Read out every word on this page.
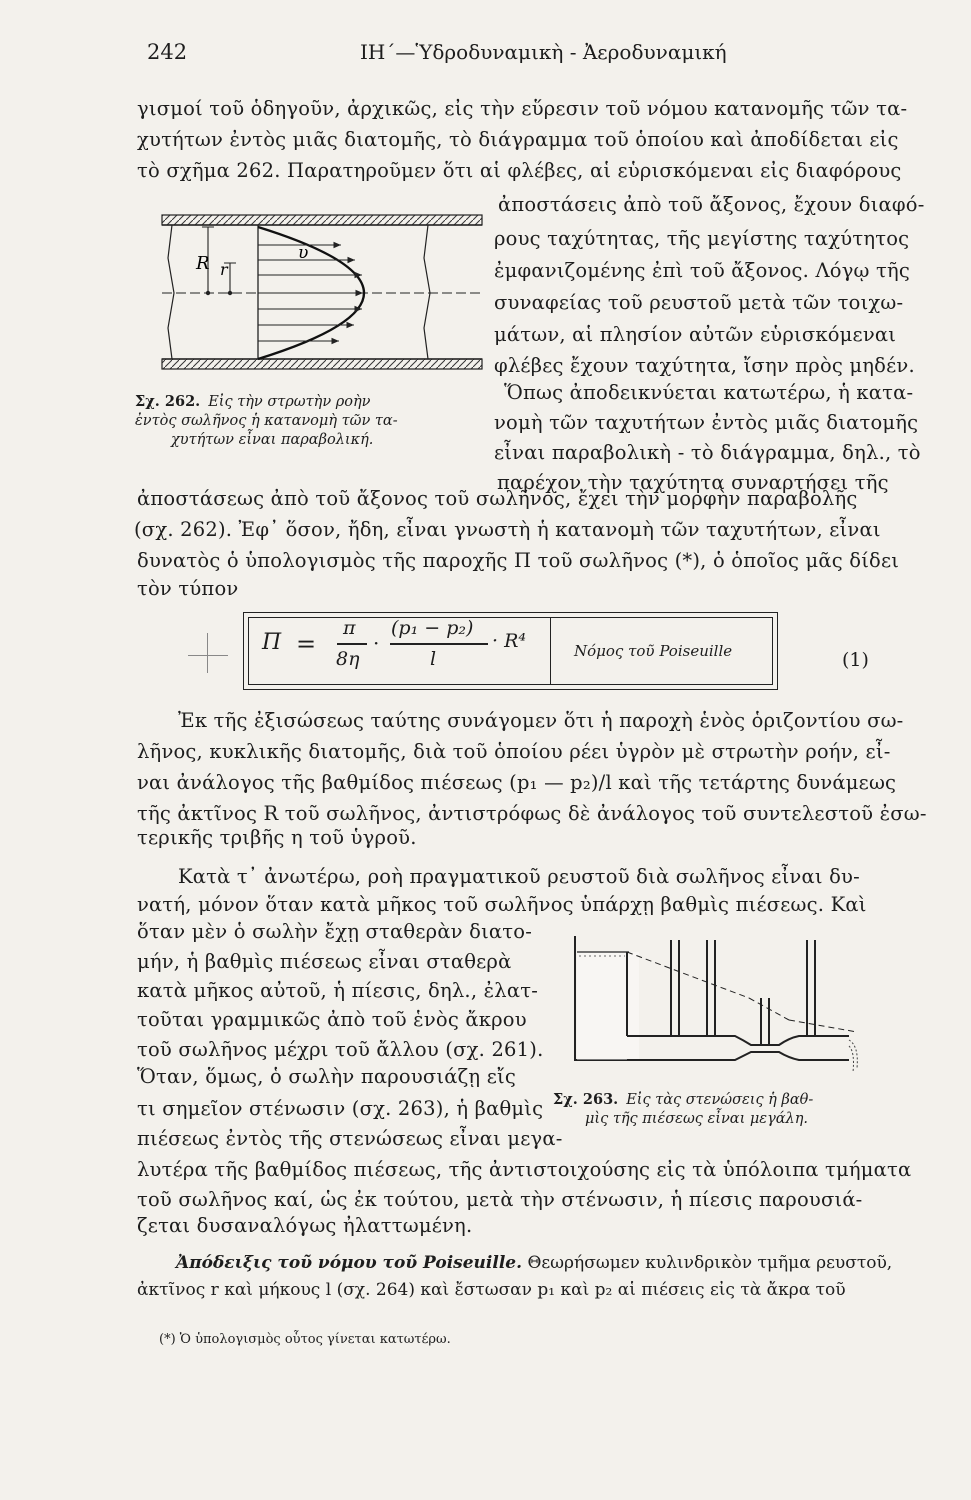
242	ΙΗ΄—Ὑδροδυναμικὴ - Ἀεροδυναμική
γισμοί τοῦ ὁδηγοῦν, ἀρχικῶς, εἰς τὴν εὕρεσιν τοῦ νόμου κατανομῆς τῶν τα-
χυτήτων ἐντὸς μιᾶς διατομῆς, τὸ διάγραμμα τοῦ ὁποίου καὶ ἀποδίδεται εἰς
τὸ σχῆμα 262. Παρατηροῦμεν ὅτι αἱ φλέβες, αἱ εὑρισκόμεναι εἰς διαφόρους
ἀποστάσεις ἀπὸ τοῦ ἄξονος, ἔχουν διαφό-
ρους ταχύτητας, τῆς μεγίστης ταχύτητος
ἐμφανιζομένης ἐπὶ τοῦ ἄξονος. Λόγῳ τῆς
συναφείας τοῦ ρευστοῦ μετὰ τῶν τοιχω-
μάτων, αἱ πλησίον αὐτῶν εὑρισκόμεναι
φλέβες ἔχουν ταχύτητα, ἴσην πρὸς μηδέν.
Ὅπως ἀποδεικνύεται κατωτέρω, ἡ κατα-
νομὴ τῶν ταχυτήτων ἐντὸς μιᾶς διατομῆς
εἶναι παραβολικὴ - τὸ διάγραμμα, δηλ., τὸ
παρέχον τὴν ταχύτητα συναρτήσει τῆς
R r
υ
Σχ. 262. Εἰς τὴν στρωτὴν ροὴν
ἐντὸς σωλῆνος ἡ κατανομὴ τῶν τα-
χυτήτων εἶναι παραβολική.
ἀποστάσεως ἀπὸ τοῦ ἄξονος τοῦ σωλῆνος, ἔχει τὴν μορφὴν παραβολῆς
(σχ. 262). Ἐφ᾽ ὅσον, ἤδη, εἶναι γνωστὴ ἡ κατανομὴ τῶν ταχυτήτων, εἶναι
δυνατὸς ὁ ὑπολογισμὸς τῆς παροχῆς Π τοῦ σωλῆνος (*), ὁ ὁποῖος μᾶς δίδει
τὸν τύπον
Π =
π
8η
·
(p₁ − p₂)
l
· R⁴	Νόμος τοῦ Poiseuille	(1)
Ἐκ τῆς ἐξισώσεως ταύτης συνάγομεν ὅτι ἡ παροχὴ ἑνὸς ὁριζοντίου σω-
λῆνος, κυκλικῆς διατομῆς, διὰ τοῦ ὁποίου ρέει ὑγρὸν μὲ στρωτὴν ροήν, εἶ-
ναι ἀνάλογος τῆς βαθμίδος πιέσεως (p₁ — p₂)/l καὶ τῆς τετάρτης δυνάμεως
τῆς ἀκτῖνος R τοῦ σωλῆνος, ἀντιστρόφως δὲ ἀνάλογος τοῦ συντελεστοῦ ἐσω-
τερικῆς τριβῆς η τοῦ ὑγροῦ.
Κατὰ τ᾽ ἀνωτέρω, ροὴ πραγματικοῦ ρευστοῦ διὰ σωλῆνος εἶναι δυ-
νατή, μόνον ὅταν κατὰ μῆκος τοῦ σωλῆνος ὑπάρχῃ βαθμὶς πιέσεως. Καὶ
ὅταν μὲν ὁ σωλὴν ἔχῃ σταθερὰν διατο-
μήν, ἡ βαθμὶς πιέσεως εἶναι σταθερὰ
κατὰ μῆκος αὐτοῦ, ἡ πίεσις, δηλ., ἐλατ-
τοῦται γραμμικῶς ἀπὸ τοῦ ἑνὸς ἄκρου
τοῦ σωλῆνος μέχρι τοῦ ἄλλου (σχ. 261).
Ὅταν, ὅμως, ὁ σωλὴν παρουσιάζῃ εἴς
τι σημεῖον στένωσιν (σχ. 263), ἡ βαθμὶς
πιέσεως ἐντὸς τῆς στενώσεως εἶναι μεγα-
Σχ. 263. Εἰς τὰς στενώσεις ἡ βαθ-
μὶς τῆς πιέσεως εἶναι μεγάλη.
λυτέρα τῆς βαθμίδος πιέσεως, τῆς ἀντιστοιχούσης εἰς τὰ ὑπόλοιπα τμήματα
τοῦ σωλῆνος καί, ὡς ἐκ τούτου, μετὰ τὴν στένωσιν, ἡ πίεσις παρουσιά-
ζεται δυσαναλόγως ἠλαττωμένη.
Ἀπόδειξις τοῦ νόμου τοῦ Poiseuille. Θεωρήσωμεν κυλινδρικὸν τμῆμα ρευστοῦ,
ἀκτῖνος r καὶ μήκους l (σχ. 264) καὶ ἔστωσαν p₁ καὶ p₂ αἱ πιέσεις εἰς τὰ ἄκρα τοῦ
(*) Ὁ ὑπολογισμὸς οὗτος γίνεται κατωτέρω.
